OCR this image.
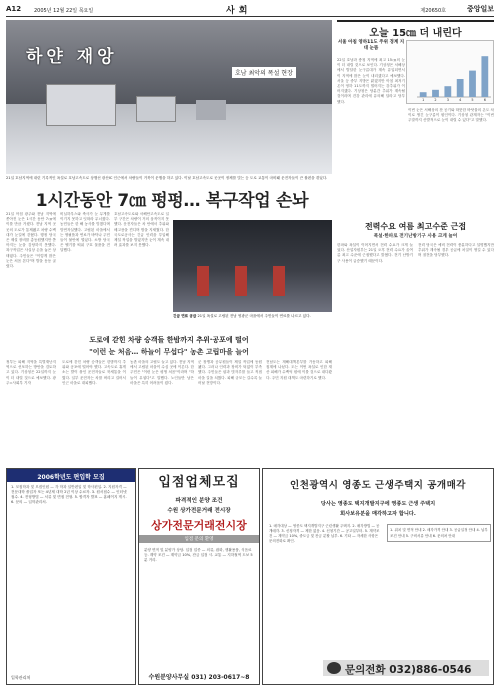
A12	2005년 12월 22일 목요일	사회	제20650호	중앙일보
하얀 재앙
호남 최악의 폭설 현장
21일 호남지역에 내린 기록적인 폭설로 호남고속도로 상행선 광산IC 인근에서 차량들이 거북이 운행을 하고 있다. 이날 호남고속도로 곳곳이 정체를 빚는 등 도로 교통이 마비돼 운전자들이 큰 불편을 겪었다.
1시간동안 7㎝ 펑펑… 복구작업 손놔
21일 아침 광주와 전남 지역에 쏟아진 눈은 1시간 동안 7㎝에 이를 만큼 거셌다. 전남 지역 곳곳의 도로가 통제됐고 차량 수백 대가 눈길에 갇혔다. 행정 당국은 제설 장비를 총동원했지만 쏟아지는 눈을 감당하지 못했다. 복구작업은 사실상 손을 놓은 상태였다. 주민들은 "이렇게 많은 눈은 처음 본다"며 발을 동동 굴렀다.
비닐하우스와 축사가 눈 무게를 이기지 못하고 잇따라 무너졌다. 농민들은 한 해 농사를 망쳤다며 망연자실했다. 고립된 마을에서는 생필품과 연료가 바닥나 주민들이 불안에 떨었다. 소방 당국은 헬기를 띄워 구호 물품을 전달했다.
호남고속도로와 서해안고속도로 일부 구간은 차량이 거의 움직이지 못했다. 운전자들은 차 안에서 추위와 배고픔을 견디며 밤을 지새웠다. 한국도로공사는 긴급 인력을 투입해 제설 작업을 벌였지만 눈이 계속 내려 효과를 보지 못했다.
정부는 피해 지역을 특별재난지역으로 선포하는 방안을 검토하고 있다. 기상청은 22일까지 눈이 더 내릴 것으로 예보했다. 광주=사회부 기자
긴급 연료 공급 21일 폭설로 고립된 전남 영광군 마을에서 주민들이 연료를 나르고 있다.
도로에 갇힌 차량 승객들 한밤까지 추위·공포에 떨어
"이런 눈 처음… 하늘이 무섭다" 농촌 고립마을 늘어
도로에 갇힌 차량 승객들은 한밤까지 추위와 공포에 떨어야 했다. 고속도로 휴게소는 발이 묶인 운전자들로 북새통을 이뤘다. 일부 운전자는 차를 버리고 걸어서 인근 마을로 대피했다.
농촌 마을의 고립도 늘고 있다. 전남 지역에서 고립된 마을이 수십 곳에 이른다. 한 주민은 "이런 눈은 평생 처음"이라며 "하늘이 무섭다"고 말했다. 노인들만 남은 마을은 특히 어려움이 컸다.
군 장병과 공무원들이 제설 작업에 동원됐다. 그러나 인력과 장비가 턱없이 부족했다. 주민들은 삽과 빗자루를 들고 직접 마을 길을 치웠다. 피해 규모는 갈수록 늘어날 전망이다.
전남도는 재해대책본부를 가동하고 피해 집계에 나섰다. 도는 이번 폭설로 인한 재산 피해가 수백억 원에 이를 것으로 내다봤다. 주민 지원 대책도 마련하기로 했다.
오늘 15㎝ 더 내린다
서울 아침 영하11도 주위 경계 지대 눈뜸
1	2	3	4	5	6
22일 호남과 충청 지역에 최고 15㎝의 눈이 더 내릴 것으로 보인다. 기상청은 서해상에서 발달한 눈구름대가 계속 유입되면서 이 지역에 많은 눈이 내리겠다고 예보했다. 서울 등 중부 지방은 맑겠지만 아침 최저기온이 영하 11도까지 떨어지는 강추위가 이어지겠다. 기상청은 당분간 추위가 계속될 것이라며 건강 관리에 유의해 달라고 당부했다.
이번 눈은 서해상의 찬 공기와 따뜻한 바닷물의 온도 차이로 생긴 눈구름이 원인이다. 기상청 관계자는 "이번 주말까지 산발적으로 눈이 내릴 수 있다"고 말했다.
전력수요 여름 최고수준 근접
폭설·한파로 전기난방기구 사용 크게 늘어
한파와 폭설이 이어지면서 전력 수요가 크게 늘었다. 산업자원부는 21일 오후 전력 수요가 올여름 최고 수준에 근접했다고 밝혔다. 전기 난방기구 사용이 급증했기 때문이다.
전력 당국은 예비 전력이 충분하다고 설명했지만 추위가 계속될 경우 공급에 차질이 생길 수 있다며 절전을 당부했다.
2006학년도 편입학 모집
1. 모집학과 및 모집인원 — 각 학과 일반편입 및 학사편입. 2. 지원자격 — 전문대학 졸업자 또는 4년제 대학 2년 이상 수료자. 3. 원서접수 — 인터넷 접수. 4. 전형방법 — 서류 및 면접 전형. 5. 합격자 발표 — 홈페이지 게시. 6. 문의 — 입학관리처.
입학관리처
입점업체모집
파격적인 분양 조건
수원 상가전문거래 전시장
상가전문거래전시장
입점 문의 환영
분양 면적 및 분양가 상담. 입점 업종 — 의류, 잡화, 생활용품, 식음료 등. 계약 조건 — 계약금 10%, 잔금 입점 시. 교통 — 지하철역 도보 5분 거리.
수원분양사무실 031) 203-0617~8
인천광역시 영종도 근생주택지 공개매각
당사는 영종도 택지개발지구에 영종도 근생 주택지
회사보유분을 매각하고자 합니다.
1. 매각대상 — 영종도 택지개발지구 근린생활 주택지. 2. 매각방법 — 공개매각. 3. 신청자격 — 제한 없음. 4. 신청기간 — 공고일부터. 5. 계약조건 — 계약금 10%, 중도금 및 잔금 분할 납부. 6. 기타 — 자세한 사항은 문의전화로 확인.
1. 위치 및 면적 안내 2. 매각가격 안내 3. 공급일정 안내 4. 납부조건 안내 5. 구비서류 안내 6. 문의처 안내
문의전화 032)886-0546
